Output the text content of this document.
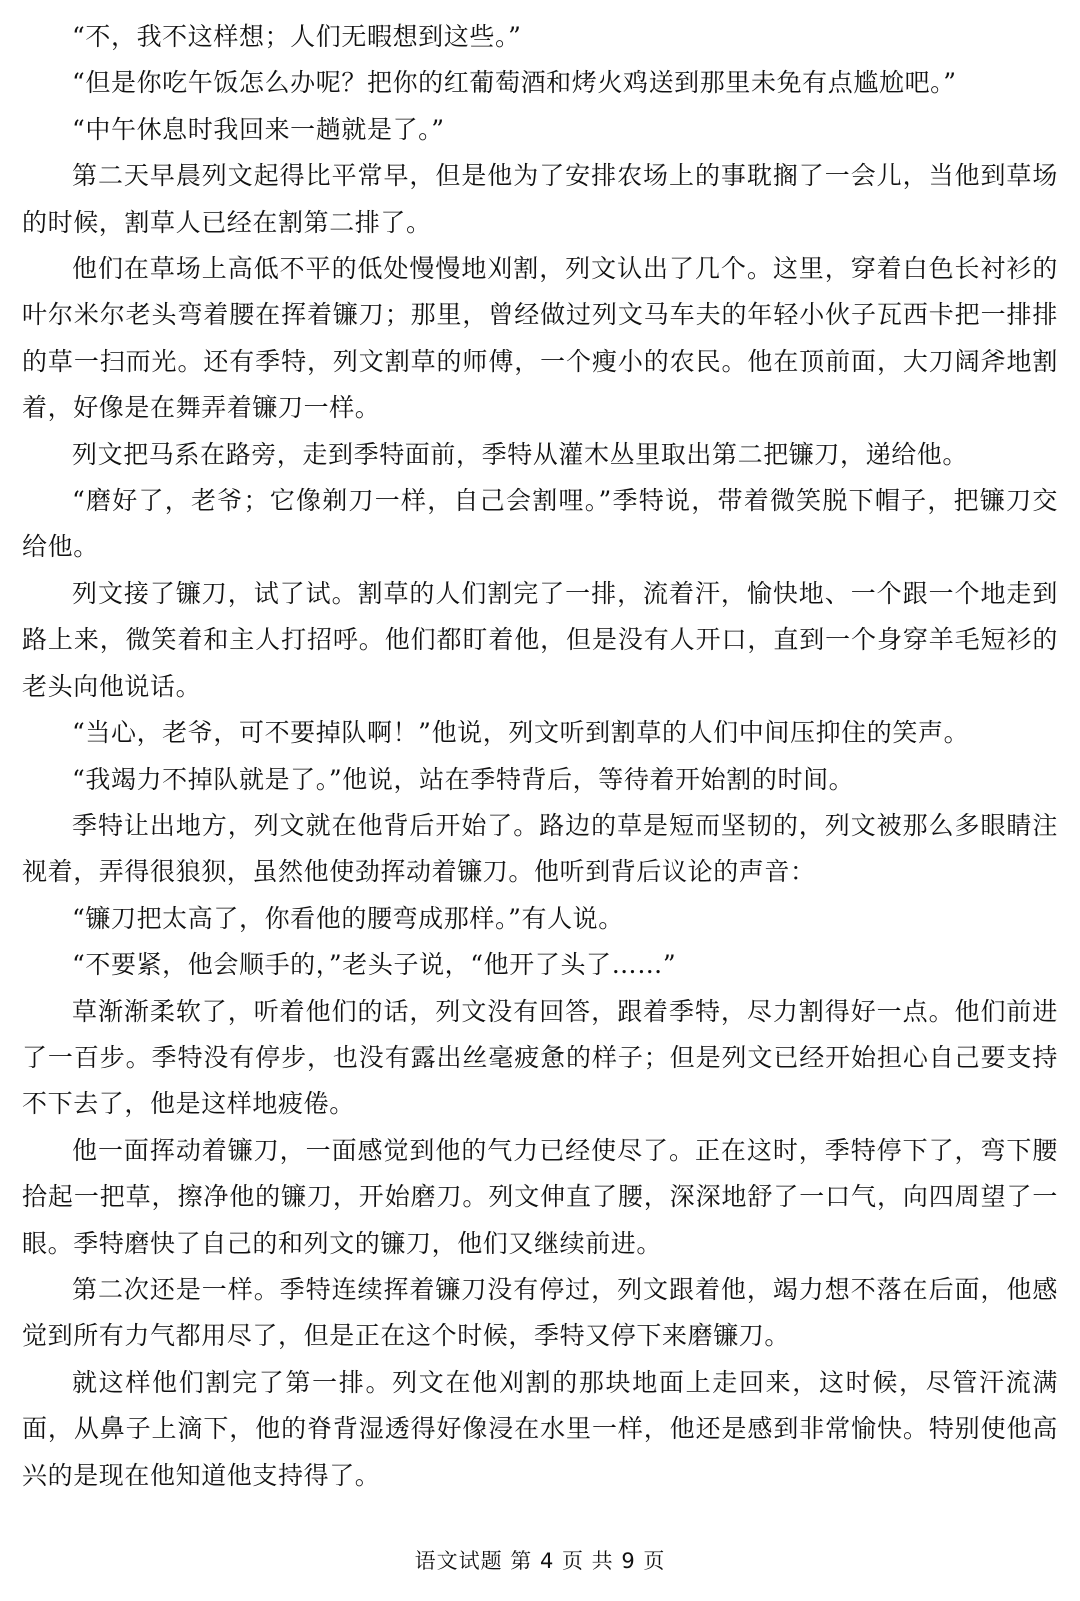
“不，我不这样想；人们无暇想到这些。”

“但是你吃午饭怎么办呢？把你的红葡萄酒和烤火鸡送到那里未免有点尴尬吧。”

“中午休息时我回来一趟就是了。”

第二天早晨列文起得比平常早，但是他为了安排农场上的事耽搁了一会儿，当他到草场的时候，割草人已经在割第二排了。

他们在草场上高低不平的低处慢慢地刈割，列文认出了几个。这里，穿着白色长衬衫的叶尔米尔老头弯着腰在挥着镰刀；那里，曾经做过列文马车夫的年轻小伙子瓦西卡把一排排的草一扫而光。还有季特，列文割草的师傅，一个瘦小的农民。他在顶前面，大刀阔斧地割着，好像是在舞弄着镰刀一样。

列文把马系在路旁，走到季特面前，季特从灌木丛里取出第二把镰刀，递给他。

“磨好了，老爷；它像剃刀一样，自己会割哩。”季特说，带着微笑脱下帽子，把镰刀交给他。

列文接了镰刀，试了试。割草的人们割完了一排，流着汗，愉快地、一个跟一个地走到路上来，微笑着和主人打招呼。他们都盯着他，但是没有人开口，直到一个身穿羊毛短衫的老头向他说话。

“当心，老爷，可不要掉队啊！”他说，列文听到割草的人们中间压抑住的笑声。

“我竭力不掉队就是了。”他说，站在季特背后，等待着开始割的时间。

季特让出地方，列文就在他背后开始了。路边的草是短而坚韧的，列文被那么多眼睛注视着，弄得很狼狈，虽然他使劲挥动着镰刀。他听到背后议论的声音：

“镰刀把太高了，你看他的腰弯成那样。”有人说。

“不要紧，他会顺手的，”老头子说，“他开了头了……”

草渐渐柔软了，听着他们的话，列文没有回答，跟着季特，尽力割得好一点。他们前进了一百步。季特没有停步，也没有露出丝毫疲惫的样子；但是列文已经开始担心自己要支持不下去了，他是这样地疲倦。

他一面挥动着镰刀，一面感觉到他的气力已经使尽了。正在这时，季特停下了，弯下腰拾起一把草，擦净他的镰刀，开始磨刀。列文伸直了腰，深深地舒了一口气，向四周望了一眼。季特磨快了自己的和列文的镰刀，他们又继续前进。

第二次还是一样。季特连续挥着镰刀没有停过，列文跟着他，竭力想不落在后面，他感觉到所有力气都用尽了，但是正在这个时候，季特又停下来磨镰刀。

就这样他们割完了第一排。列文在他刈割的那块地面上走回来，这时候，尽管汗流满面，从鼻子上滴下，他的脊背湿透得好像浸在水里一样，他还是感到非常愉快。特别使他高兴的是现在他知道他支持得了。

语文试题 第 4 页 共 9 页
